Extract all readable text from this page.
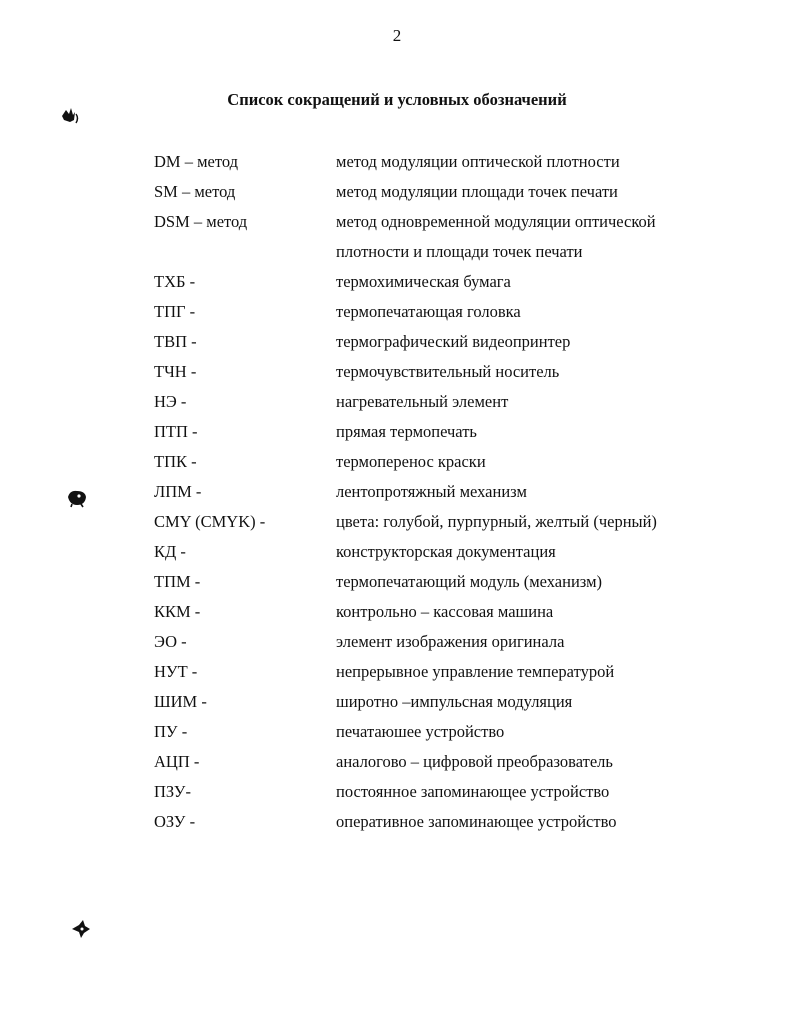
2
Список сокращений и условных обозначений
DM – метод	метод модуляции оптической плотности
SM – метод	метод модуляции площади точек печати
DSM – метод	метод одновременной модуляции оптической
плотности и площади точек печати
ТХБ -	термохимическая бумага
ТПГ -	термопечатающая головка
ТВП -	термографический видеопринтер
ТЧН -	термочувствительный носитель
НЭ -	нагревательный элемент
ПТП -	прямая термопечать
ТПК -	термоперенос краски
ЛПМ -	лентопротяжный механизм
CMY (CMYK) -	цвета: голубой, пурпурный, желтый (черный)
КД -	конструкторская документация
ТПМ -	термопечатающий модуль (механизм)
ККМ -	контрольно – кассовая машина
ЭО -	элемент изображения оригинала
НУТ -	непрерывное управление температурой
ШИМ -	широтно –импульсная модуляция
ПУ -	печатаюшее устройство
АЦП -	аналогово – цифровой преобразователь
ПЗУ-	постоянное запоминающее устройство
ОЗУ -	оперативное запоминающее устройство
